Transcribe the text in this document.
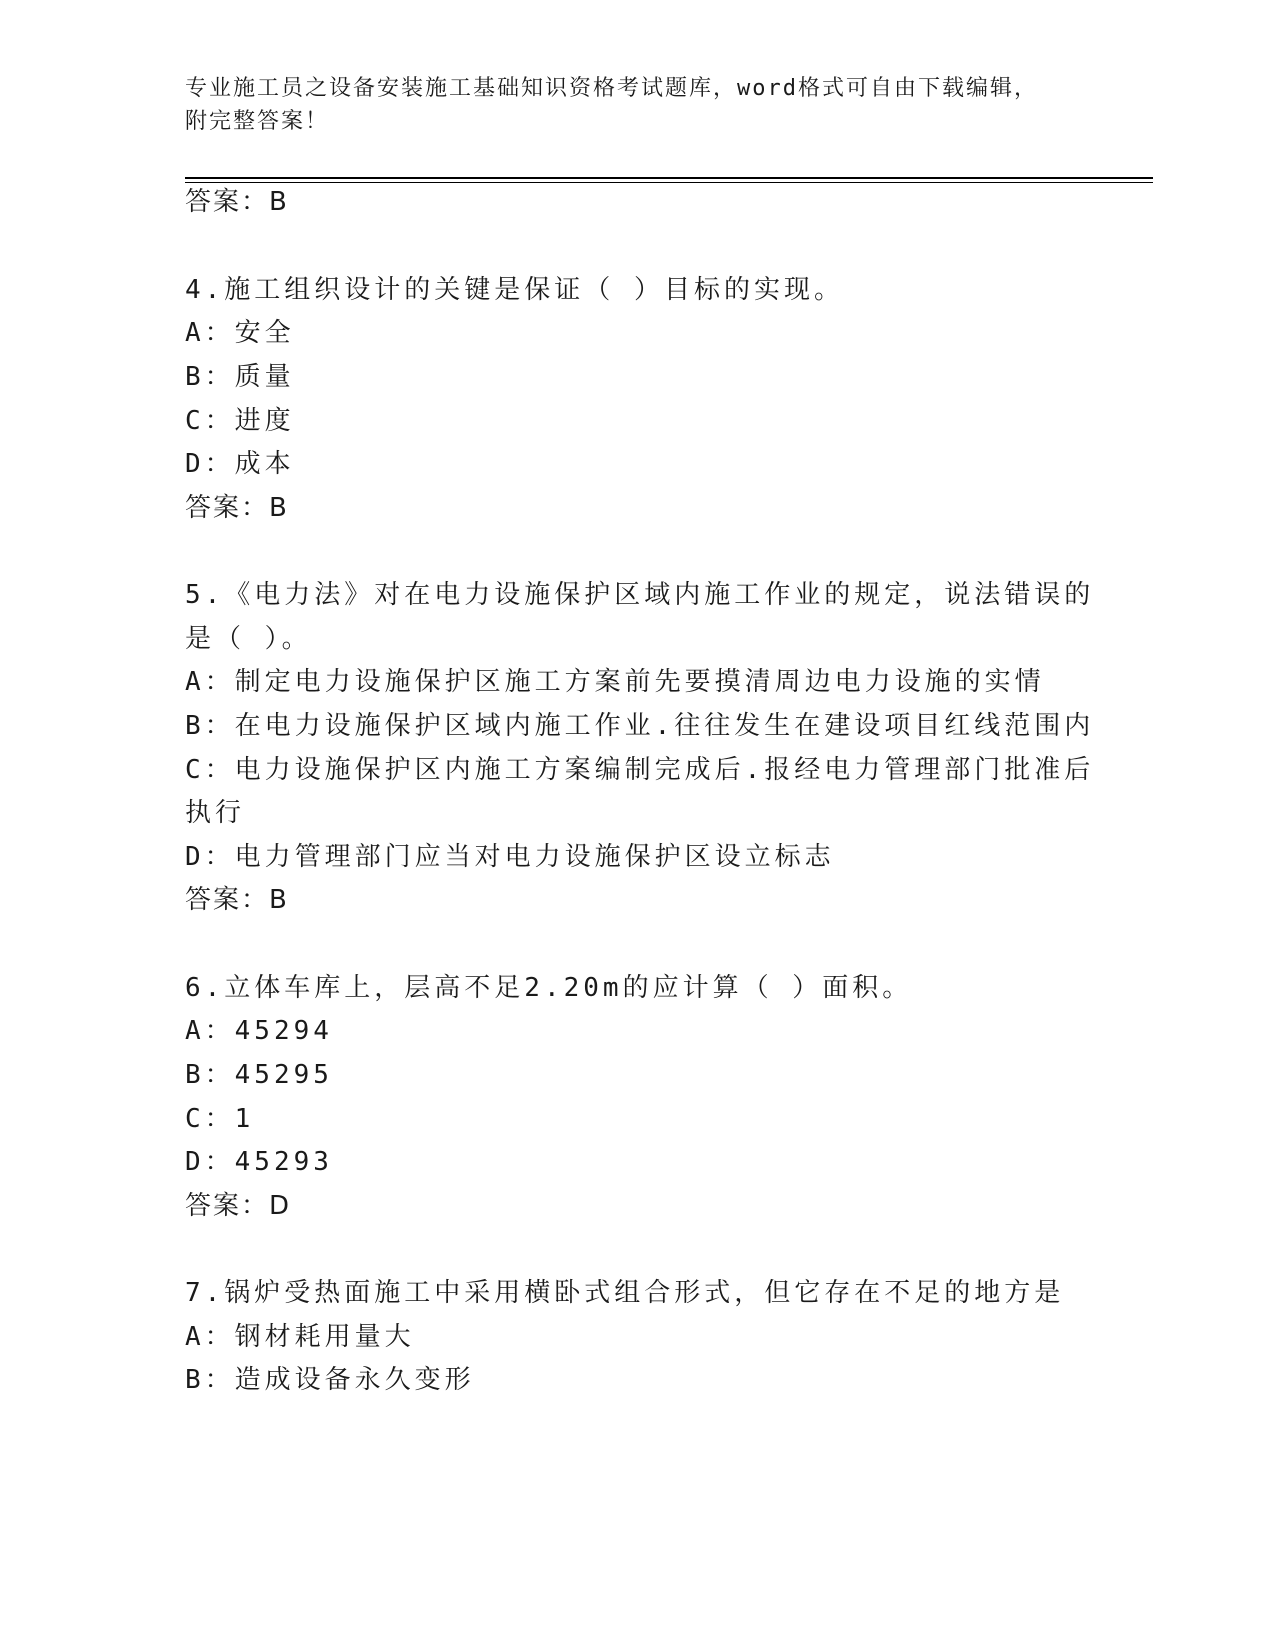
专业施工员之设备安装施工基础知识资格考试题库，word格式可自由下载编辑，

附完整答案！

答案：B
4.施工组织设计的关键是保证（ ）目标的实现。
A：安全
B：质量
C：进度
D：成本
答案：B
5.《电力法》对在电力设施保护区域内施工作业的规定，说法错误的
是（ ）。
A：制定电力设施保护区施工方案前先要摸清周边电力设施的实情
B：在电力设施保护区域内施工作业.往往发生在建设项目红线范围内
C：电力设施保护区内施工方案编制完成后.报经电力管理部门批准后
执行
D：电力管理部门应当对电力设施保护区设立标志
答案：B
6.立体车库上，层高不足2.20m的应计算（ ）面积。
A：45294
B：45295
C：1
D：45293
答案：D
7.锅炉受热面施工中采用横卧式组合形式，但它存在不足的地方是
A：钢材耗用量大
B：造成设备永久变形
